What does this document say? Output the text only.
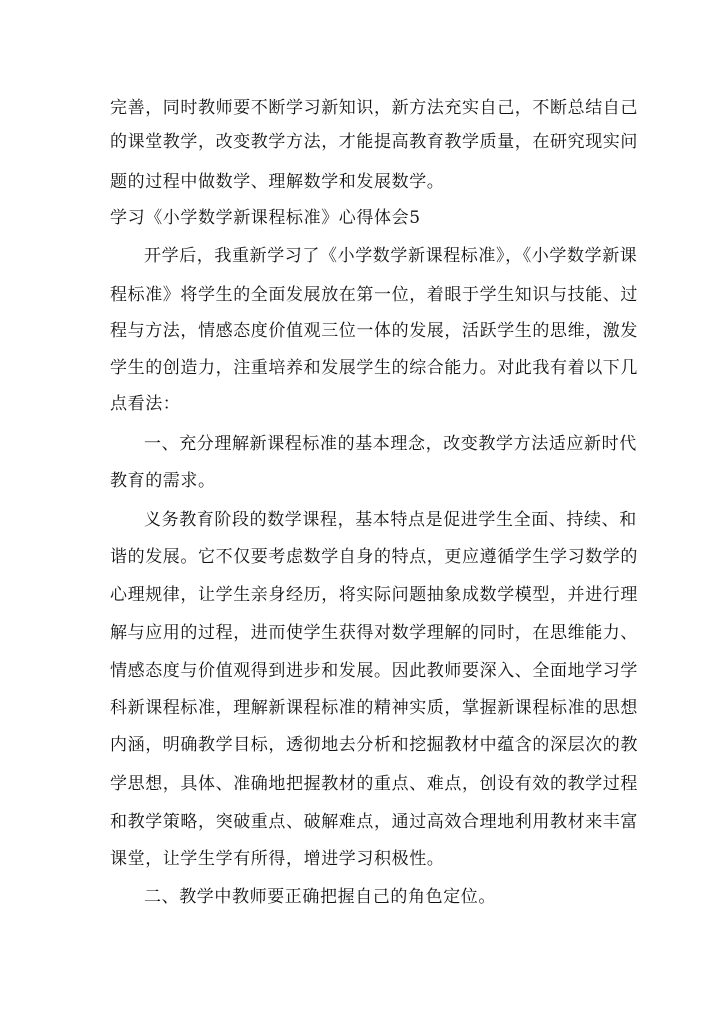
完善，同时教师要不断学习新知识，新方法充实自己，不断总结自己
的课堂教学，改变教学方法，才能提高教育教学质量，在研究现实问
题的过程中做数学、理解数学和发展数学。
学习《小学数学新课程标准》心得体会5
开学后，我重新学习了《小学数学新课程标准》，《小学数学新课
程标准》将学生的全面发展放在第一位，着眼于学生知识与技能、过
程与方法，情感态度价值观三位一体的发展，活跃学生的思维，激发
学生的创造力，注重培养和发展学生的综合能力。对此我有着以下几
点看法：
一、充分理解新课程标准的基本理念，改变教学方法适应新时代
教育的需求。
义务教育阶段的数学课程，基本特点是促进学生全面、持续、和
谐的发展。它不仅要考虑数学自身的特点，更应遵循学生学习数学的
心理规律，让学生亲身经历，将实际问题抽象成数学模型，并进行理
解与应用的过程，进而使学生获得对数学理解的同时，在思维能力、
情感态度与价值观得到进步和发展。因此教师要深入、全面地学习学
科新课程标准，理解新课程标准的精神实质，掌握新课程标准的思想
内涵，明确教学目标，透彻地去分析和挖掘教材中蕴含的深层次的教
学思想，具体、准确地把握教材的重点、难点，创设有效的教学过程
和教学策略，突破重点、破解难点，通过高效合理地利用教材来丰富
课堂，让学生学有所得，增进学习积极性。
二、教学中教师要正确把握自己的角色定位。
